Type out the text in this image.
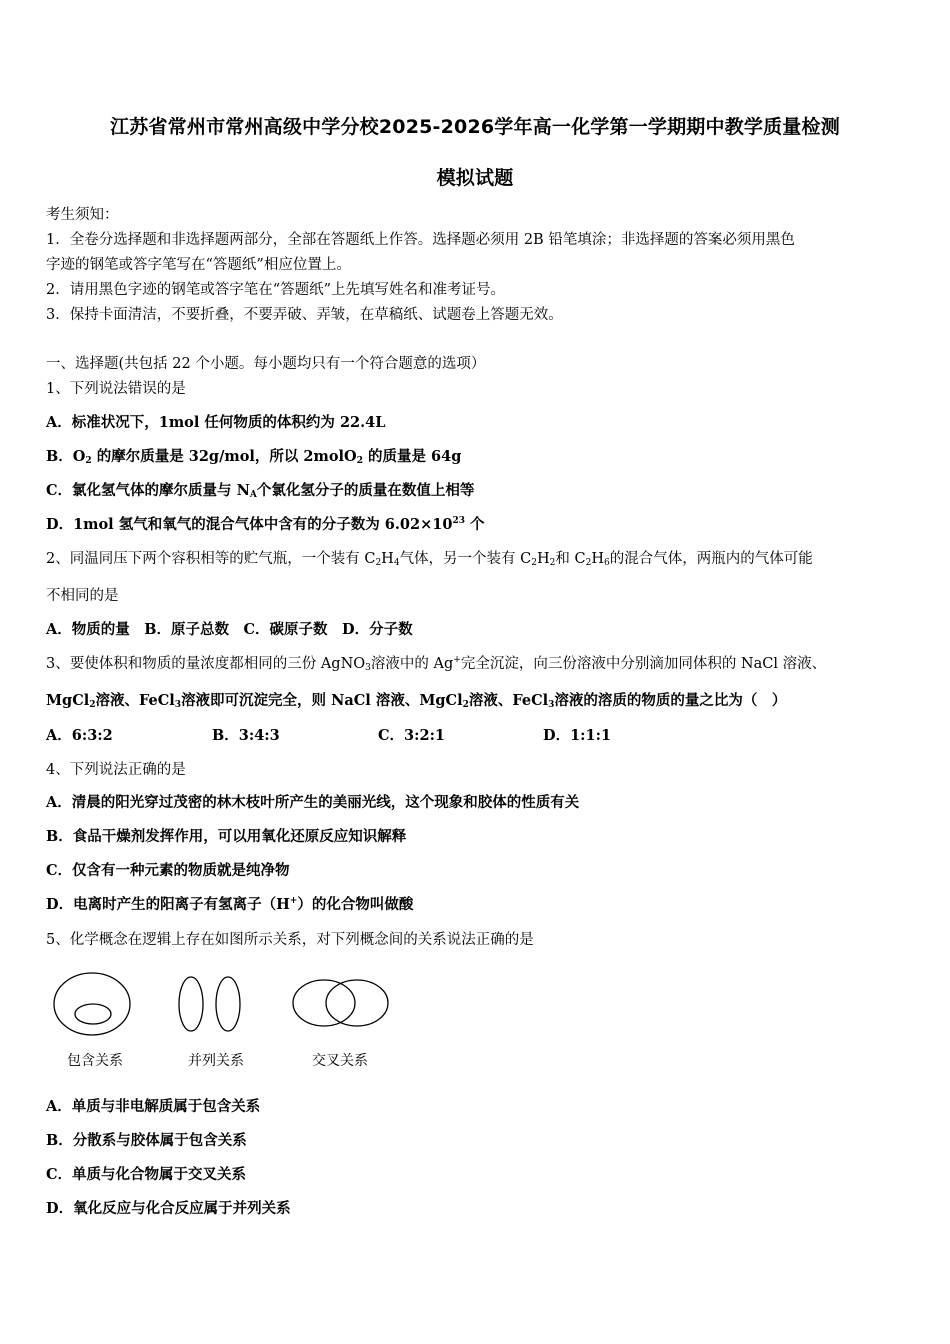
江苏省常州市常州高级中学分校2025-2026学年高一化学第一学期期中教学质量检测
模拟试题
考生须知：
1．全卷分选择题和非选择题两部分，全部在答题纸上作答。选择题必须用 2B 铅笔填涂；非选择题的答案必须用黑色
字迹的钢笔或答字笔写在“答题纸”相应位置上。
2．请用黑色字迹的钢笔或答字笔在“答题纸”上先填写姓名和准考证号。
3．保持卡面清洁，不要折叠，不要弄破、弄皱，在草稿纸、试题卷上答题无效。
一、选择题(共包括 22 个小题。每小题均只有一个符合题意的选项）
1、下列说法错误的是
A．标准状况下，1mol 任何物质的体积约为 22.4L
B．$O_2$ 的摩尔质量是 32g/mol，所以 2molO$_2$ 的质量是 64g
C．氯化氢气体的摩尔质量与 $N_A$个氯化氢分子的质量在数值上相等
D．1mol 氢气和氧气的混合气体中含有的分子数为 $6.02\times 10^{23}$ 个
2、同温同压下两个容积相等的贮气瓶，一个装有 $C_2H_4$气体，另一个装有 $C_2H_2$和 $C_2H_6$的混合气体，两瓶内的气体可能
不相同的是
A．物质的量　B．原子总数　C．碳原子数　D．分子数
3、要使体积和物质的量浓度都相同的三份 AgNO$_3$溶液中的 Ag+完全沉淀，向三份溶液中分别滴加同体积的 NaCl 溶液、
MgCl$_2$溶液、FeCl$_3$溶液即可沉淀完全，则 NaCl 溶液、MgCl$_2$溶液、FeCl$_3$溶液的溶质的物质的量之比为（　）
A．6:3:2	B．3:4:3	C．3:2:1	D．1:1:1
4、下列说法正确的是
A．清晨的阳光穿过茂密的林木枝叶所产生的美丽光线，这个现象和胶体的性质有关
B．食品干燥剂发挥作用，可以用氧化还原反应知识解释
C．仅含有一种元素的物质就是纯净物
D．电离时产生的阳离子有氢离子（H+）的化合物叫做酸
5、化学概念在逻辑上存在如图所示关系，对下列概念间的关系说法正确的是
包含关系	并列关系	交叉关系
A．单质与非电解质属于包含关系
B．分散系与胶体属于包含关系
C．单质与化合物属于交叉关系
D．氧化反应与化合反应属于并列关系
